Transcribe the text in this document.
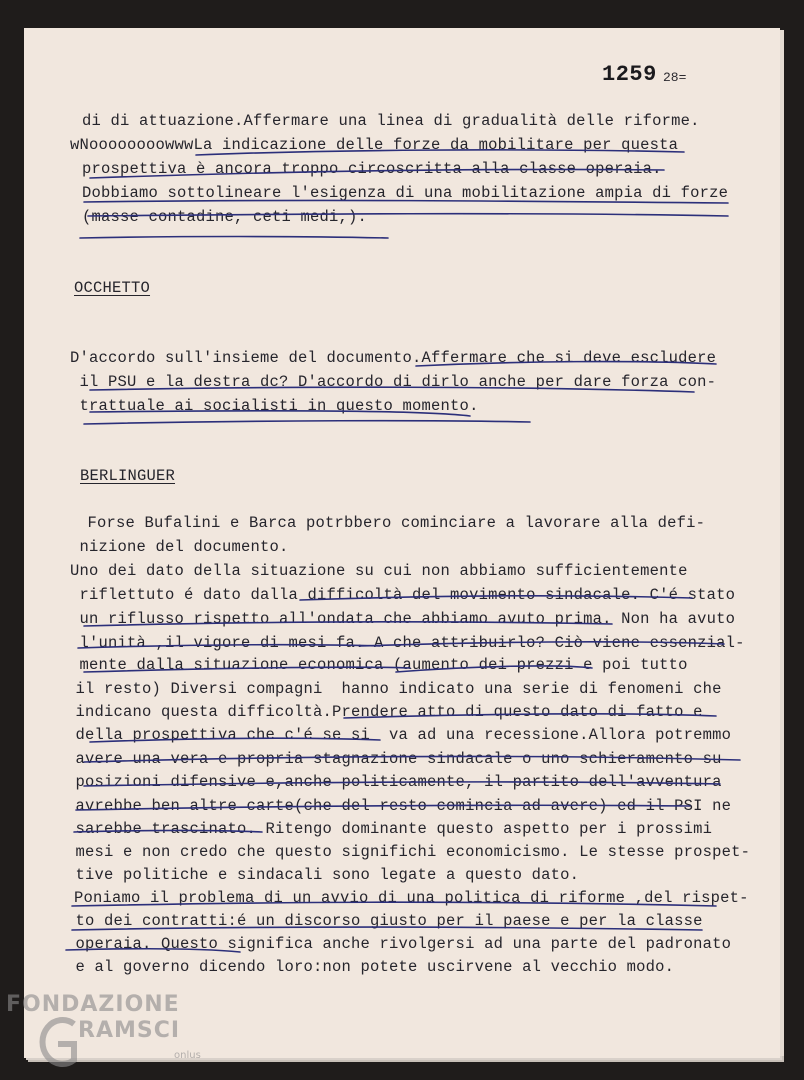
1259 28=
di di attuazione.Affermare una linea di gradualità delle riforme.
wNoooooooowwwLa indicazione delle forze da mobilitare per questa
prospettiva è ancora troppo circoscritta alla classe operaia.
Dobbiamo sottolineare l'esigenza di una mobilitazione ampia di forze
(masse contadine, ceti medi,).
OCCHETTO
D'accordo sull'insieme del documento.Affermare che si deve escludere
il PSU e la destra dc? D'accordo di dirlo anche per dare forza con-
trattuale ai socialisti in questo momento.
BERLINGUER
Forse Bufalini e Barca potrbbero cominciare a lavorare alla defi-
nizione del documento.
Uno dei dato della situazione su cui non abbiamo sufficientemente
riflettuto é dato dalla difficoltà del movimento sindacale. C'é stato
un riflusso rispetto all'ondata che abbiamo avuto prima. Non ha avuto
l'unità ,il vigore di mesi fa. A che attribuirlo? Ciò viene essenzial-
mente dalla situazione economica (aumento dei prezzi e poi tutto
il resto) Diversi compagni  hanno indicato una serie di fenomeni che
indicano questa difficoltà.Prendere atto di questo dato di fatto e
della prospettiva che c'é se si  va ad una recessione.Allora potremmo
avere una vera e propria stagnazione sindacale o uno schieramento su
posizioni difensive e,anche politicamente, il partito dell'avventura
avrebbe ben altre carte(che del resto comincia ad avere) ed il PSI ne
sarebbe trascinato. Ritengo dominante questo aspetto per i prossimi
mesi e non credo che questo significhi economicismo. Le stesse prospet-
tive politiche e sindacali sono legate a questo dato.
Poniamo il problema di un avvio di una politica di riforme ,del rispet-
to dei contratti:é un discorso giusto per il paese e per la classe
operaia. Questo significa anche rivolgersi ad una parte del padronato
e al governo dicendo loro:non potete uscirvene al vecchio modo.
FONDAZIONE
RAMSCI
onlus
